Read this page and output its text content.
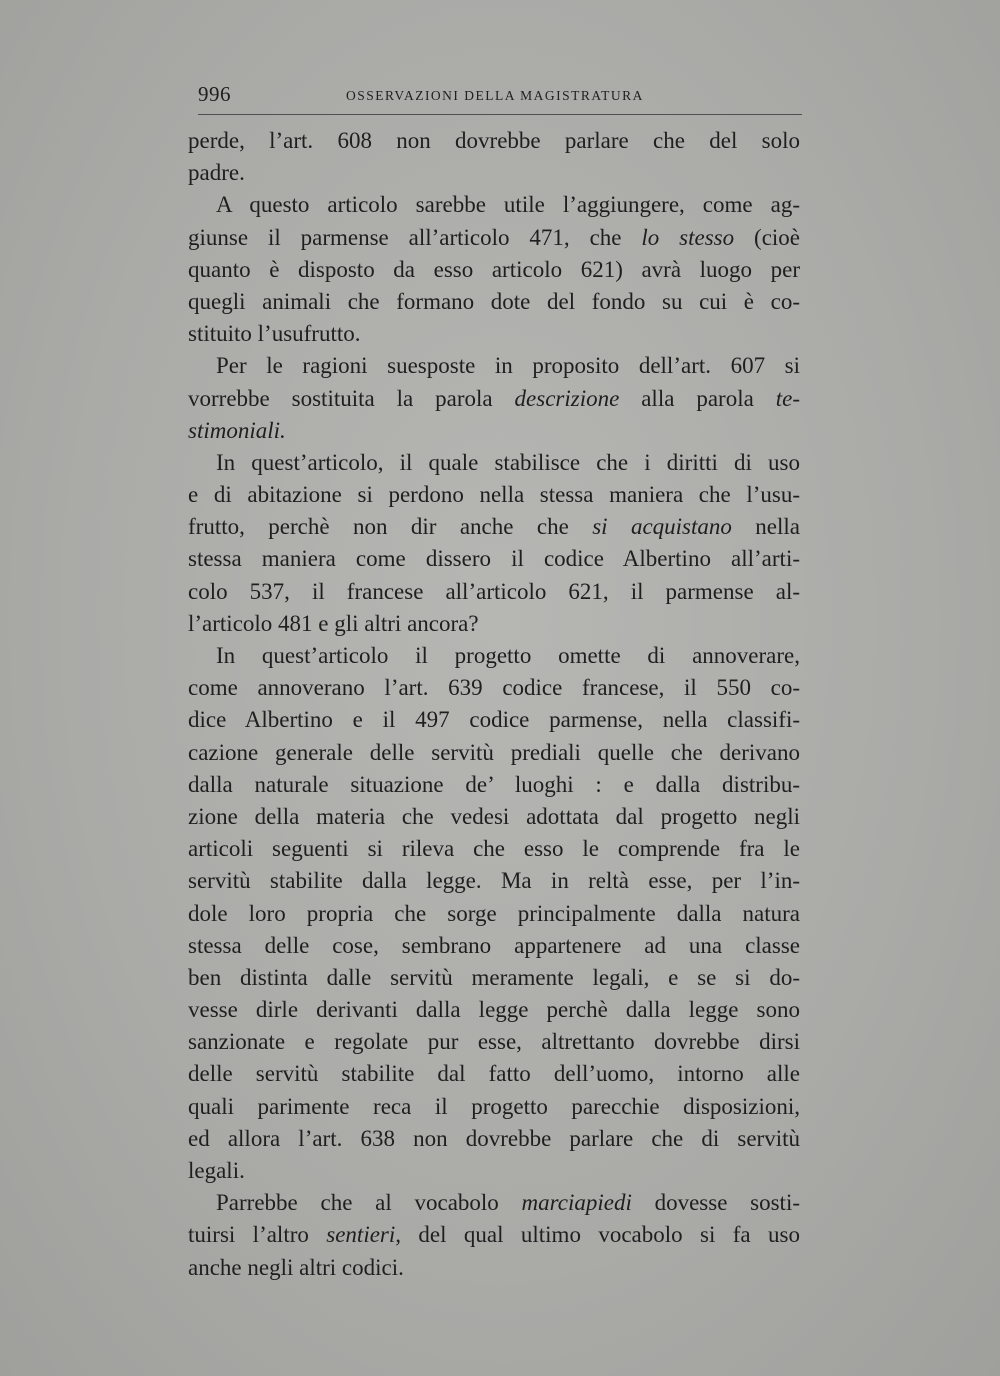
996	OSSERVAZIONI DELLA MAGISTRATURA
perde, l’art. 608 non dovrebbe parlare che del solo
padre.
A questo articolo sarebbe utile l’aggiungere, come ag-
giunse il parmense all’articolo 471, che lo stesso (cioè
quanto è disposto da esso articolo 621) avrà luogo per
quegli animali che formano dote del fondo su cui è co-
stituito l’usufrutto.
Per le ragioni suesposte in proposito dell’art. 607 si
vorrebbe sostituita la parola descrizione alla parola te-
stimoniali.
In quest’articolo, il quale stabilisce che i diritti di uso
e di abitazione si perdono nella stessa maniera che l’usu-
frutto, perchè non dir anche che si acquistano nella
stessa maniera come dissero il codice Albertino all’arti-
colo 537, il francese all’articolo 621, il parmense al-
l’articolo 481 e gli altri ancora?
In quest’articolo il progetto omette di annoverare,
come annoverano l’art. 639 codice francese, il 550 co-
dice Albertino e il 497 codice parmense, nella classifi-
cazione generale delle servitù prediali quelle che derivano
dalla naturale situazione de’ luoghi : e dalla distribu-
zione della materia che vedesi adottata dal progetto negli
articoli seguenti si rileva che esso le comprende fra le
servitù stabilite dalla legge. Ma in reltà esse, per l’in-
dole loro propria che sorge principalmente dalla natura
stessa delle cose, sembrano appartenere ad una classe
ben distinta dalle servitù meramente legali, e se si do-
vesse dirle derivanti dalla legge perchè dalla legge sono
sanzionate e regolate pur esse, altrettanto dovrebbe dirsi
delle servitù stabilite dal fatto dell’uomo, intorno alle
quali parimente reca il progetto parecchie disposizioni,
ed allora l’art. 638 non dovrebbe parlare che di servitù
legali.
Parrebbe che al vocabolo marciapiedi dovesse sosti-
tuirsi l’altro sentieri, del qual ultimo vocabolo si fa uso
anche negli altri codici.
